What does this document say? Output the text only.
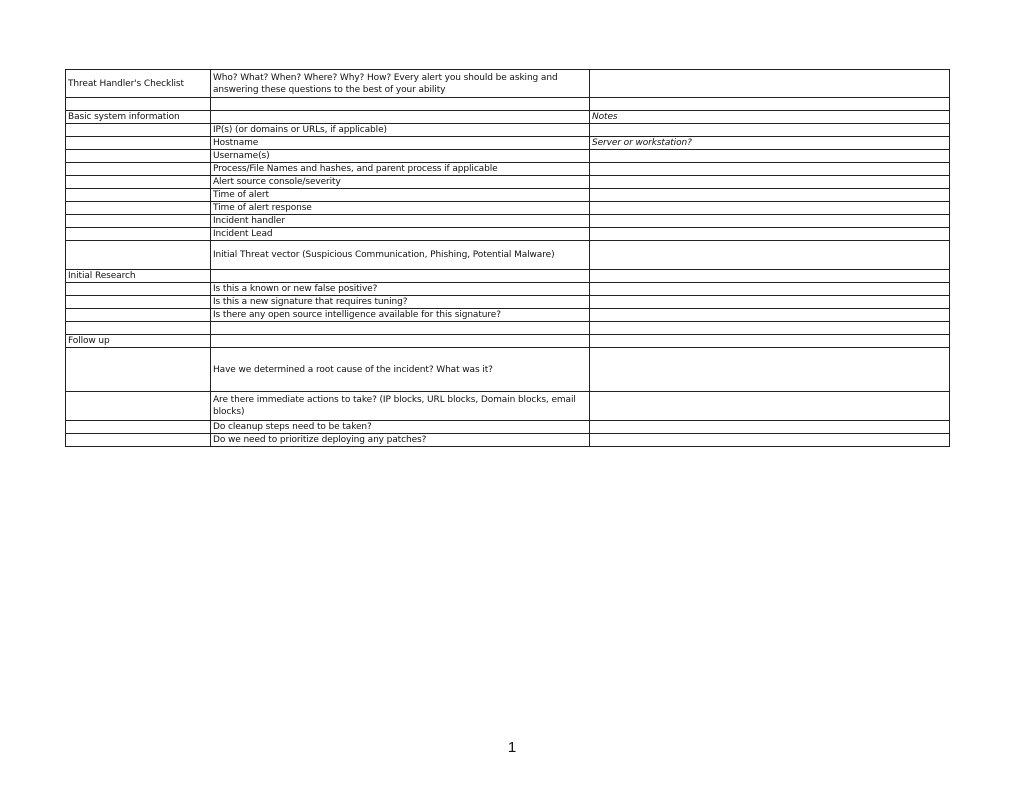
Threat Handler's Checklist	Who? What? When? Where? Why? How? Every alert you should be asking and answering these questions to the best of your ability	

Basic system information		Notes
	IP(s) (or domains or URLs, if applicable)	
	Hostname	Server or workstation?
	Username(s)	
	Process/File Names and hashes, and parent process if applicable	
	Alert source console/severity	
	Time of alert	
	Time of alert response	
	Incident handler	
	Incident Lead	
	Initial Threat vector (Suspicious Communication, Phishing, Potential Malware)	
Initial Research		
	Is this a known or new false positive?	
	Is this a new signature that requires tuning?	
	Is there any open source intelligence available for this signature?	

Follow up		
	Have we determined a root cause of the incident? What was it?	
	Are there immediate actions to take? (IP blocks, URL blocks, Domain blocks, email blocks)	
	Do cleanup steps need to be taken?	
	Do we need to prioritize deploying any patches?	
1
